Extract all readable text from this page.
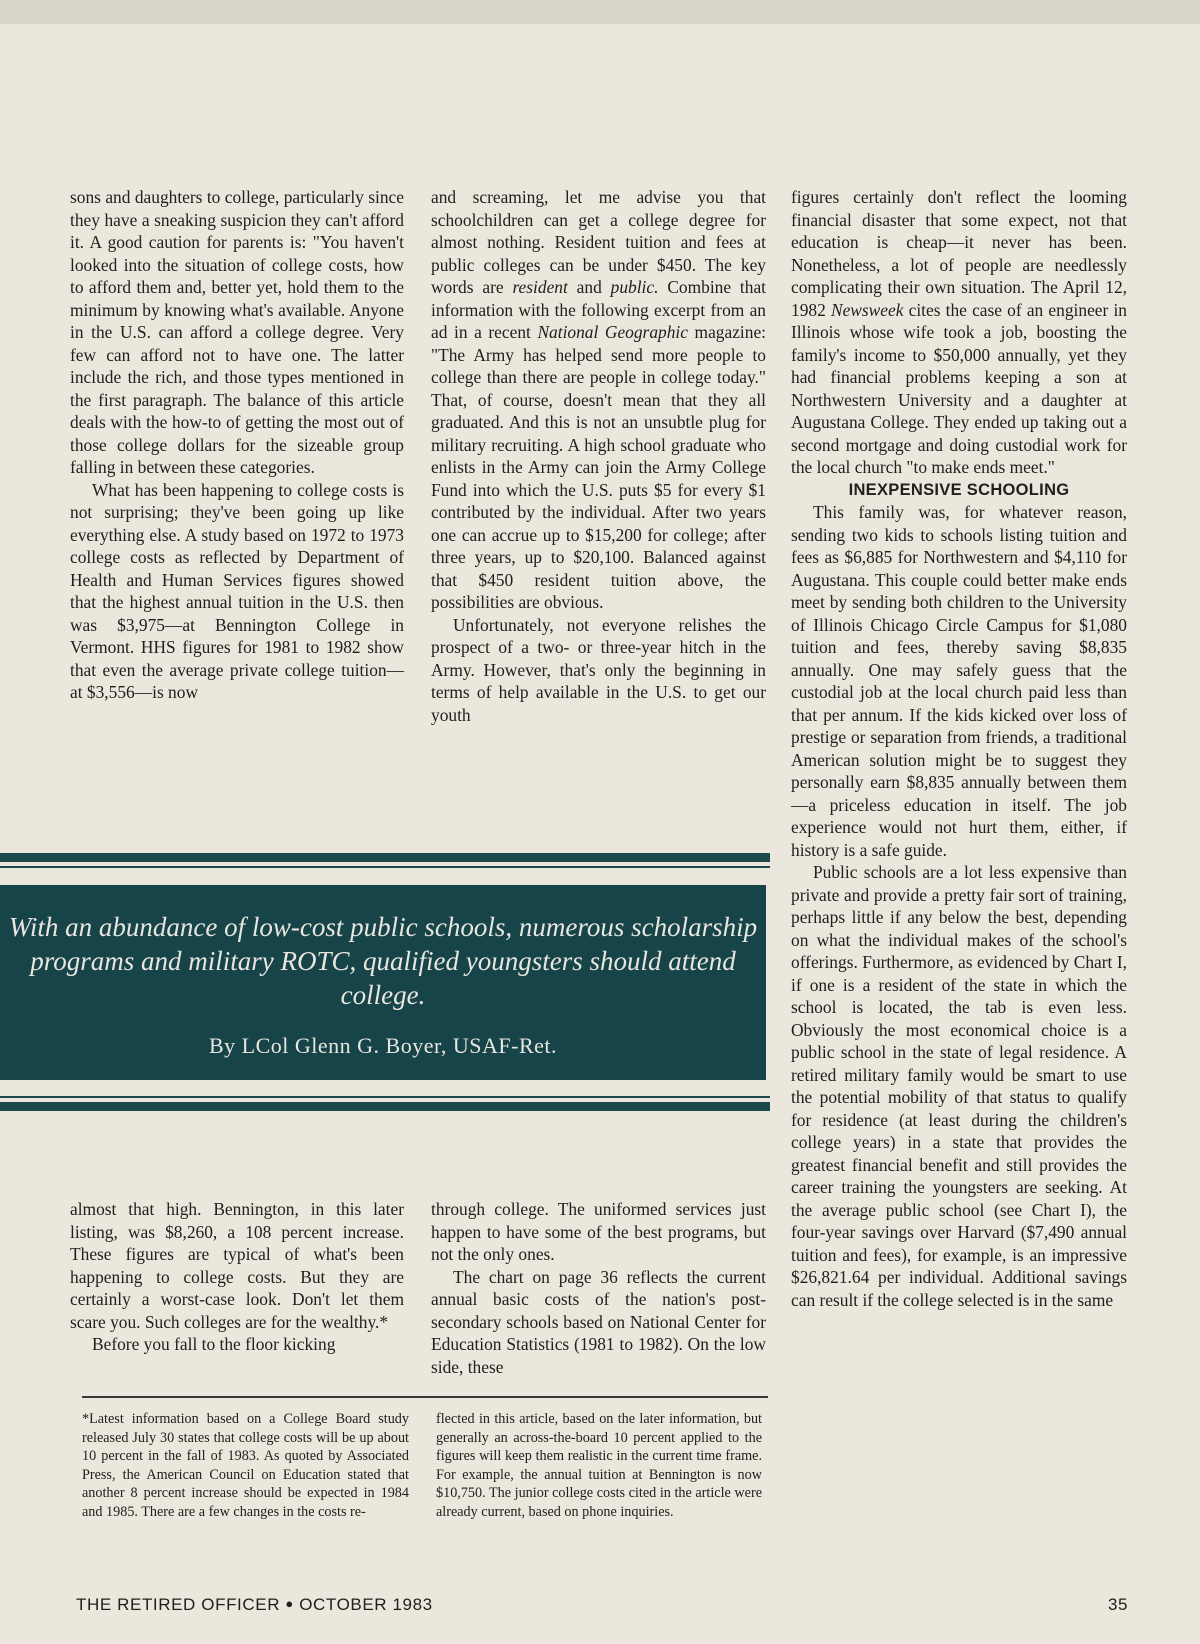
sons and daughters to college, particularly since they have a sneaking suspicion they can't afford it. A good caution for parents is: "You haven't looked into the situation of college costs, how to afford them and, better yet, hold them to the minimum by knowing what's available. Anyone in the U.S. can afford a college degree. Very few can afford not to have one. The latter include the rich, and those types mentioned in the first paragraph. The balance of this article deals with the how-to of getting the most out of those college dollars for the sizeable group falling in between these categories.

What has been happening to college costs is not surprising; they've been going up like everything else. A study based on 1972 to 1973 college costs as reflected by Department of Health and Human Services figures showed that the highest annual tuition in the U.S. then was $3,975—at Bennington College in Vermont. HHS figures for 1981 to 1982 show that even the average private college tuition—at $3,556—is now

and screaming, let me advise you that schoolchildren can get a college degree for almost nothing. Resident tuition and fees at public colleges can be under $450. The key words are resident and public. Combine that information with the following excerpt from an ad in a recent National Geographic magazine: "The Army has helped send more people to college than there are people in college today." That, of course, doesn't mean that they all graduated. And this is not an unsubtle plug for military recruiting. A high school graduate who enlists in the Army can join the Army College Fund into which the U.S. puts $5 for every $1 contributed by the individual. After two years one can accrue up to $15,200 for college; after three years, up to $20,100. Balanced against that $450 resident tuition above, the possibilities are obvious.

Unfortunately, not everyone relishes the prospect of a two- or three-year hitch in the Army. However, that's only the beginning in terms of help available in the U.S. to get our youth

figures certainly don't reflect the looming financial disaster that some expect, not that education is cheap—it never has been. Nonetheless, a lot of people are needlessly complicating their own situation. The April 12, 1982 Newsweek cites the case of an engineer in Illinois whose wife took a job, boosting the family's income to $50,000 annually, yet they had financial problems keeping a son at Northwestern University and a daughter at Augustana College. They ended up taking out a second mortgage and doing custodial work for the local church "to make ends meet."

INEXPENSIVE SCHOOLING

This family was, for whatever reason, sending two kids to schools listing tuition and fees as $6,885 for Northwestern and $4,110 for Augustana. This couple could better make ends meet by sending both children to the University of Illinois Chicago Circle Campus for $1,080 tuition and fees, thereby saving $8,835 annually. One may safely guess that the custodial job at the local church paid less than that per annum. If the kids kicked over loss of prestige or separation from friends, a traditional American solution might be to suggest they personally earn $8,835 annually between them—a priceless education in itself. The job experience would not hurt them, either, if history is a safe guide.

Public schools are a lot less expensive than private and provide a pretty fair sort of training, perhaps little if any below the best, depending on what the individual makes of the school's offerings. Furthermore, as evidenced by Chart I, if one is a resident of the state in which the school is located, the tab is even less. Obviously the most economical choice is a public school in the state of legal residence. A retired military family would be smart to use the potential mobility of that status to qualify for residence (at least during the children's college years) in a state that provides the greatest financial benefit and still provides the career training the youngsters are seeking. At the average public school (see Chart I), the four-year savings over Harvard ($7,490 annual tuition and fees), for example, is an impressive $26,821.64 per individual. Additional savings can result if the college selected is in the same

With an abundance of low-cost public schools, numerous scholarship programs and military ROTC, qualified youngsters should attend college.

By LCol Glenn G. Boyer, USAF-Ret.

almost that high. Bennington, in this later listing, was $8,260, a 108 percent increase. These figures are typical of what's been happening to college costs. But they are certainly a worst-case look. Don't let them scare you. Such colleges are for the wealthy.*

Before you fall to the floor kicking

through college. The uniformed services just happen to have some of the best programs, but not the only ones.

The chart on page 36 reflects the current annual basic costs of the nation's post-secondary schools based on National Center for Education Statistics (1981 to 1982). On the low side, these

*Latest information based on a College Board study released July 30 states that college costs will be up about 10 percent in the fall of 1983. As quoted by Associated Press, the American Council on Education stated that another 8 percent increase should be expected in 1984 and 1985. There are a few changes in the costs re-

flected in this article, based on the later information, but generally an across-the-board 10 percent applied to the figures will keep them realistic in the current time frame. For example, the annual tuition at Bennington is now $10,750. The junior college costs cited in the article were already current, based on phone inquiries.

THE RETIRED OFFICER ● OCTOBER 1983	35
